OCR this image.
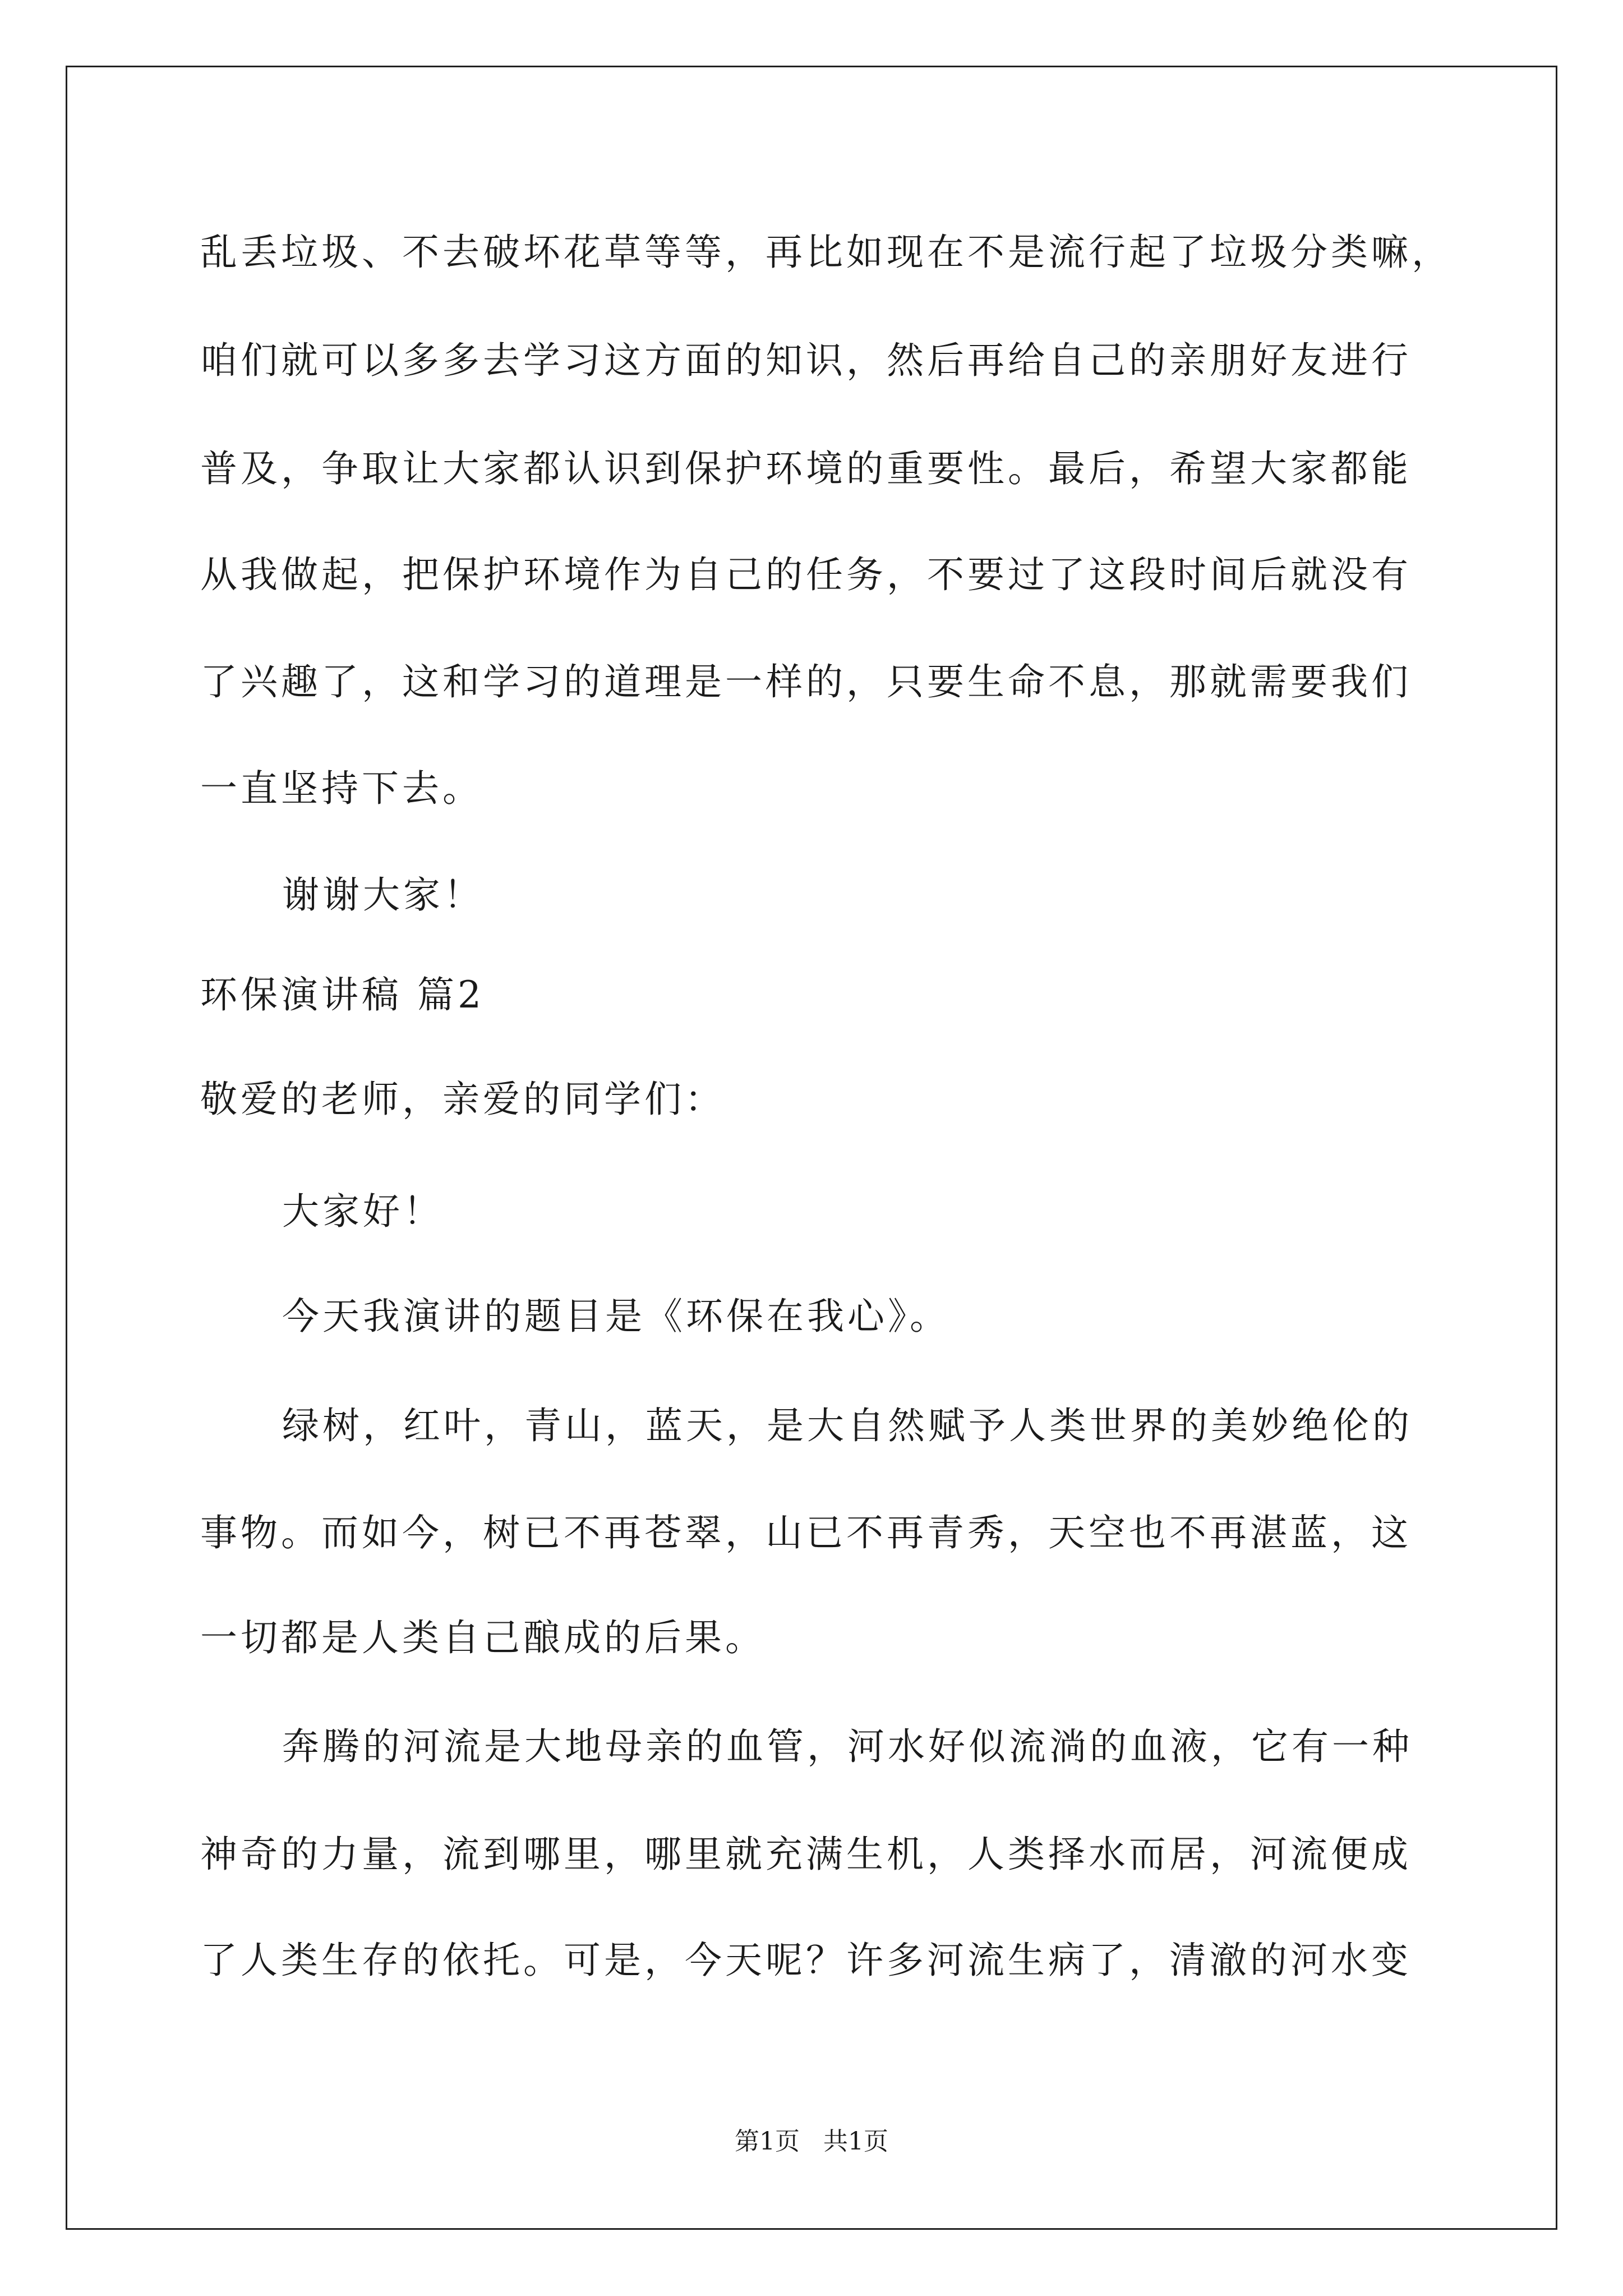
乱丢垃圾、不去破坏花草等等，再比如现在不是流行起了垃圾分类嘛，
咱们就可以多多去学习这方面的知识，然后再给自己的亲朋好友进行
普及，争取让大家都认识到保护环境的重要性。最后，希望大家都能
从我做起，把保护环境作为自己的任务，不要过了这段时间后就没有
了兴趣了，这和学习的道理是一样的，只要生命不息，那就需要我们
一直坚持下去。
谢谢大家！
环保演讲稿 篇2
敬爱的老师，亲爱的同学们：
大家好！
今天我演讲的题目是《环保在我心》。
绿树，红叶，青山，蓝天，是大自然赋予人类世界的美妙绝伦的
事物。而如今，树已不再苍翠，山已不再青秀，天空也不再湛蓝，这
一切都是人类自己酿成的后果。
奔腾的河流是大地母亲的血管，河水好似流淌的血液，它有一种
神奇的力量，流到哪里，哪里就充满生机，人类择水而居，河流便成
了人类生存的依托。可是，今天呢？许多河流生病了，清澈的河水变
第1页   共1页
